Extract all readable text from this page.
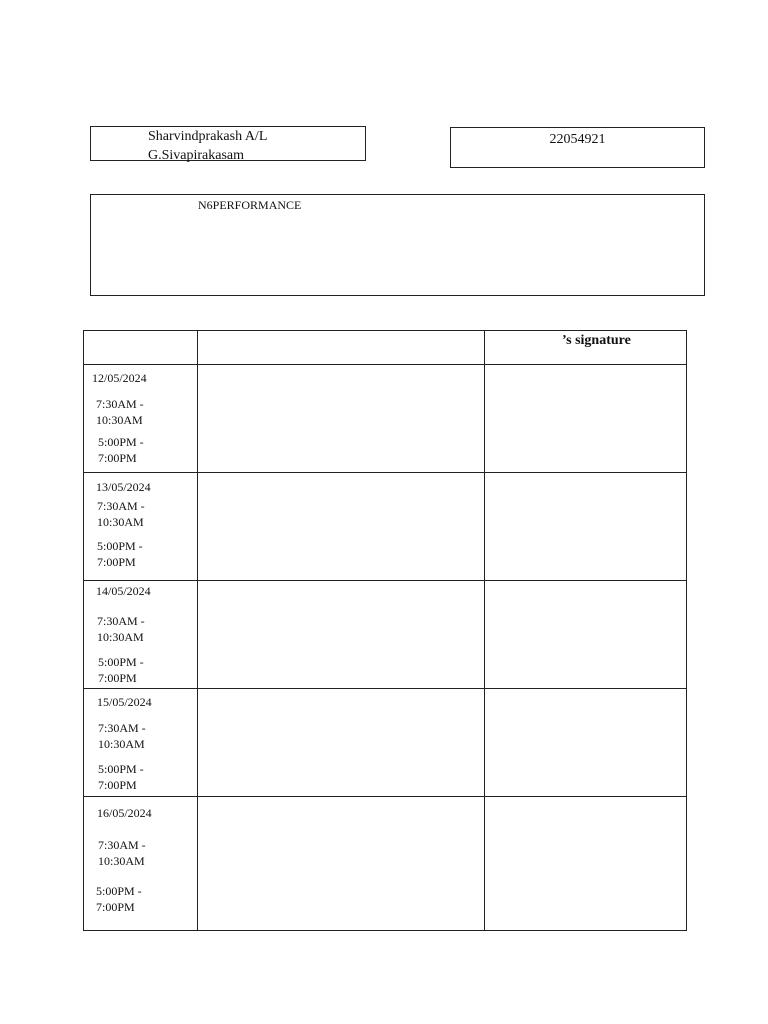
Sharvindprakash A/L
G.Sivapirakasam
22054921
N6PERFORMANCE

		’s signature

12/05/2024
7:30AM -
10:30AM
5:00PM -
7:00PM		

13/05/2024
7:30AM -
10:30AM
5:00PM -
7:00PM		

14/05/2024
7:30AM -
10:30AM
5:00PM -
7:00PM		

15/05/2024
7:30AM -
10:30AM
5:00PM -
7:00PM		

16/05/2024
7:30AM -
10:30AM
5:00PM -
7:00PM		
